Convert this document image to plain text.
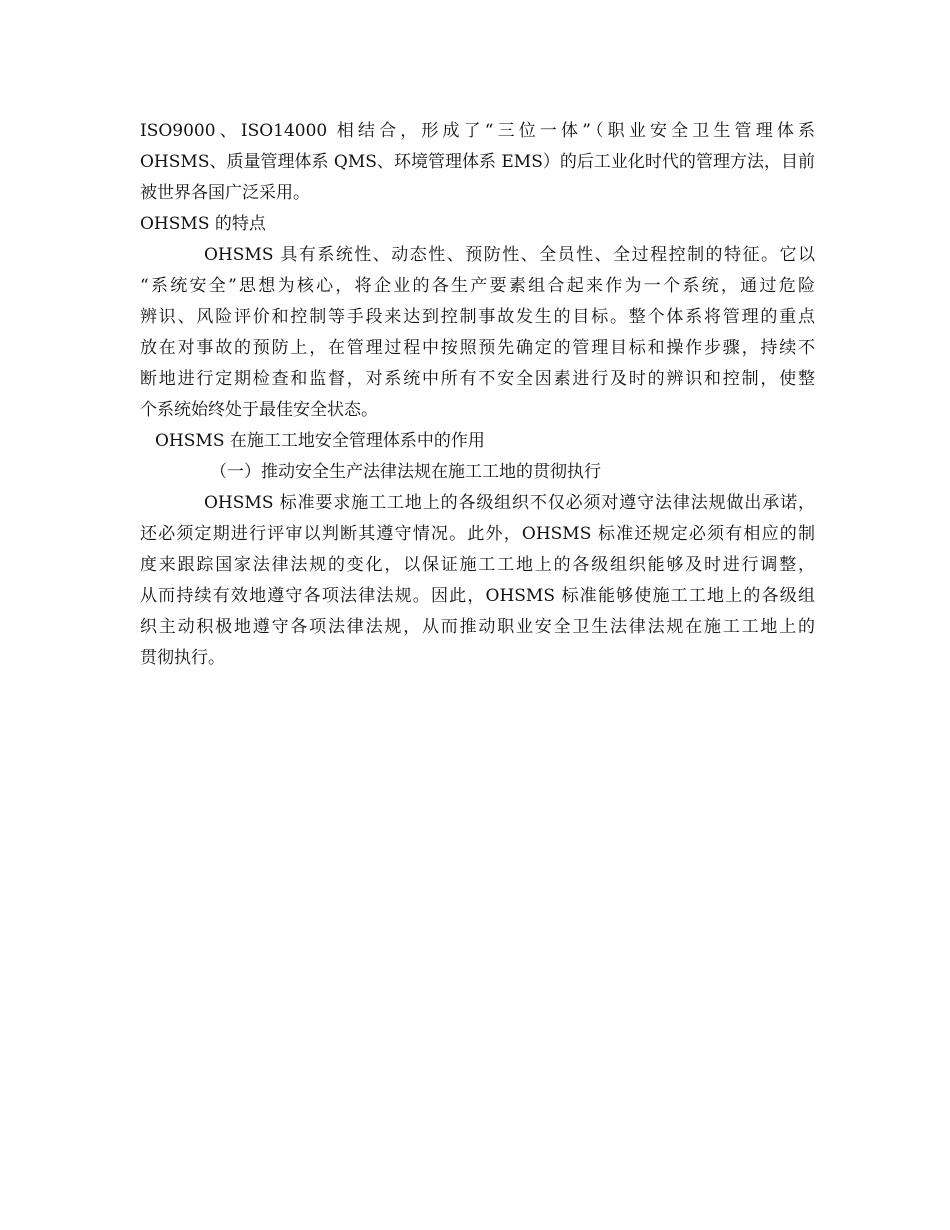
ISO9000、ISO14000 相结合，形成了“三位一体”（职业安全卫生管理体系

OHSMS、质量管理体系 QMS、环境管理体系 EMS）的后工业化时代的管理方法，目前

被世界各国广泛采用。

OHSMS 的特点

OHSMS 具有系统性、动态性、预防性、全员性、全过程控制的特征。它以

“系统安全”思想为核心，将企业的各生产要素组合起来作为一个系统，通过危险

辨识、风险评价和控制等手段来达到控制事故发生的目标。整个体系将管理的重点

放在对事故的预防上，在管理过程中按照预先确定的管理目标和操作步骤，持续不

断地进行定期检查和监督，对系统中所有不安全因素进行及时的辨识和控制，使整

个系统始终处于最佳安全状态。

OHSMS 在施工工地安全管理体系中的作用

（一）推动安全生产法律法规在施工工地的贯彻执行

OHSMS 标准要求施工工地上的各级组织不仅必须对遵守法律法规做出承诺，

还必须定期进行评审以判断其遵守情况。此外，OHSMS 标准还规定必须有相应的制

度来跟踪国家法律法规的变化，以保证施工工地上的各级组织能够及时进行调整，

从而持续有效地遵守各项法律法规。因此，OHSMS 标准能够使施工工地上的各级组

织主动积极地遵守各项法律法规，从而推动职业安全卫生法律法规在施工工地上的

贯彻执行。
